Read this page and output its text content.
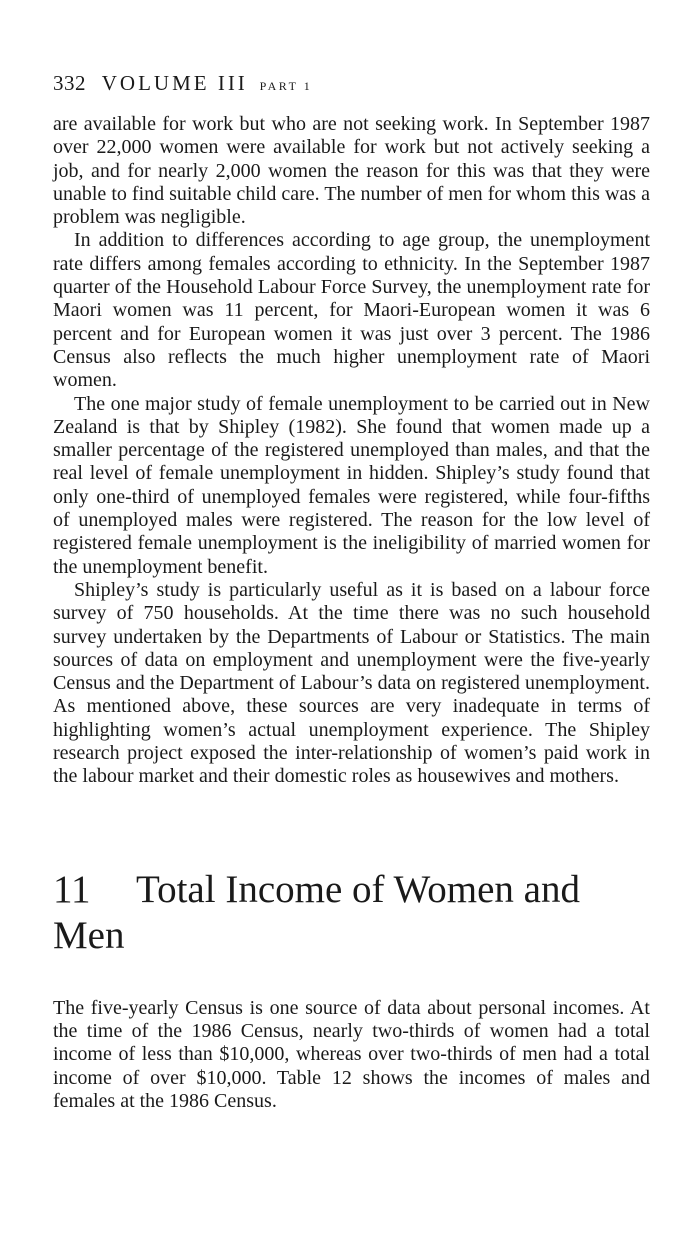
332 VOLUME III PART 1

are available for work but who are not seeking work. In September 1987 over 22,000 women were available for work but not actively seeking a job, and for nearly 2,000 women the reason for this was that they were unable to find suitable child care. The number of men for whom this was a problem was negligible.

In addition to differences according to age group, the unemployment rate differs among females according to ethnicity. In the September 1987 quarter of the Household Labour Force Survey, the unemployment rate for Maori women was 11 percent, for Maori-European women it was 6 percent and for European women it was just over 3 percent. The 1986 Census also reflects the much higher unemployment rate of Maori women.

The one major study of female unemployment to be carried out in New Zealand is that by Shipley (1982). She found that women made up a smaller percentage of the registered unemployed than males, and that the real level of female unemployment in hidden. Shipley’s study found that only one-third of unemployed females were registered, while four-fifths of unemployed males were registered. The reason for the low level of registered female unemployment is the ineligibility of married women for the unemployment benefit.

Shipley’s study is particularly useful as it is based on a labour force survey of 750 households. At the time there was no such household survey undertaken by the Departments of Labour or Statistics. The main sources of data on employment and unemployment were the five-yearly Census and the Department of Labour’s data on registered unemployment. As mentioned above, these sources are very inadequate in terms of highlighting women’s actual unemployment experience. The Shipley research project exposed the inter-relationship of women’s paid work in the labour market and their domestic roles as housewives and mothers.

11 Total Income of Women and Men

The five-yearly Census is one source of data about personal incomes. At the time of the 1986 Census, nearly two-thirds of women had a total income of less than $10,000, whereas over two-thirds of men had a total income of over $10,000. Table 12 shows the incomes of males and females at the 1986 Census.
